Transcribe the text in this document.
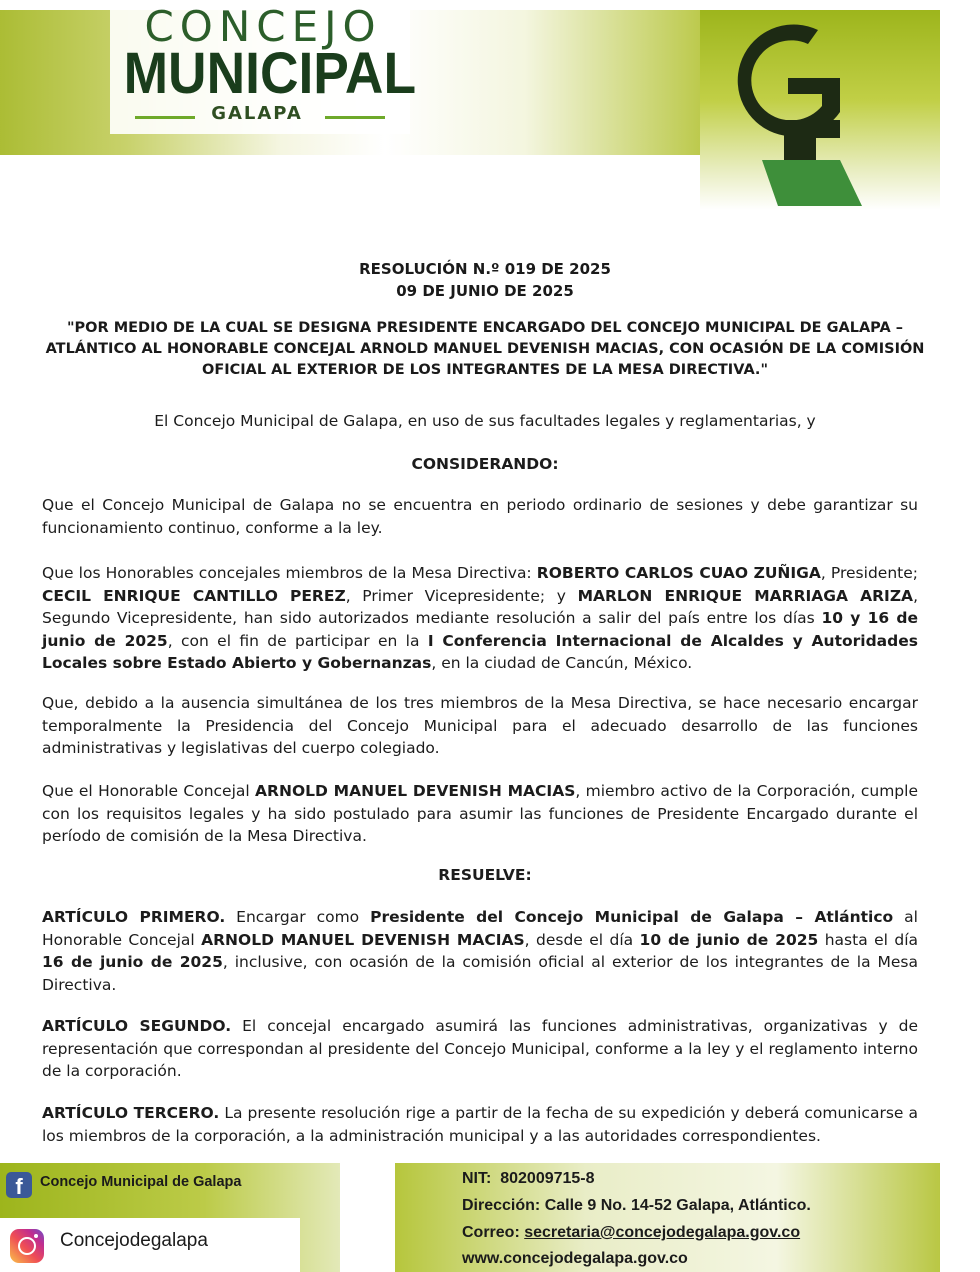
CONCEJO
MUNICIPAL
GALAPA
RESOLUCIÓN N.º 019 DE 2025
09 DE JUNIO DE 2025
"POR MEDIO DE LA CUAL SE DESIGNA PRESIDENTE ENCARGADO DEL CONCEJO MUNICIPAL DE GALAPA – ATLÁNTICO AL HONORABLE CONCEJAL ARNOLD MANUEL DEVENISH MACIAS, CON OCASIÓN DE LA COMISIÓN OFICIAL AL EXTERIOR DE LOS INTEGRANTES DE LA MESA DIRECTIVA."
El Concejo Municipal de Galapa, en uso de sus facultades legales y reglamentarias, y
CONSIDERANDO:
Que el Concejo Municipal de Galapa no se encuentra en periodo ordinario de sesiones y debe garantizar su funcionamiento continuo, conforme a la ley.
Que los Honorables concejales miembros de la Mesa Directiva: ROBERTO CARLOS CUAO ZUÑIGA, Presidente; CECIL ENRIQUE CANTILLO PEREZ, Primer Vicepresidente; y MARLON ENRIQUE MARRIAGA ARIZA, Segundo Vicepresidente, han sido autorizados mediante resolución a salir del país entre los días 10 y 16 de junio de 2025, con el fin de participar en la I Conferencia Internacional de Alcaldes y Autoridades Locales sobre Estado Abierto y Gobernanzas, en la ciudad de Cancún, México.
Que, debido a la ausencia simultánea de los tres miembros de la Mesa Directiva, se hace necesario encargar temporalmente la Presidencia del Concejo Municipal para el adecuado desarrollo de las funciones administrativas y legislativas del cuerpo colegiado.
Que el Honorable Concejal ARNOLD MANUEL DEVENISH MACIAS, miembro activo de la Corporación, cumple con los requisitos legales y ha sido postulado para asumir las funciones de Presidente Encargado durante el período de comisión de la Mesa Directiva.
RESUELVE:
ARTÍCULO PRIMERO. Encargar como Presidente del Concejo Municipal de Galapa – Atlántico al Honorable Concejal ARNOLD MANUEL DEVENISH MACIAS, desde el día 10 de junio de 2025 hasta el día 16 de junio de 2025, inclusive, con ocasión de la comisión oficial al exterior de los integrantes de la Mesa Directiva.
ARTÍCULO SEGUNDO. El concejal encargado asumirá las funciones administrativas, organizativas y de representación que correspondan al presidente del Concejo Municipal, conforme a la ley y el reglamento interno de la corporación.
ARTÍCULO TERCERO. La presente resolución rige a partir de la fecha de su expedición y deberá comunicarse a los miembros de la corporación, a la administración municipal y a las autoridades correspondientes.
f	Concejo Municipal de Galapa
Concejodegalapa
NIT: 802009715-8
Dirección: Calle 9 No. 14-52 Galapa, Atlántico.
Correo: secretaria@concejodegalapa.gov.co
www.concejodegalapa.gov.co
